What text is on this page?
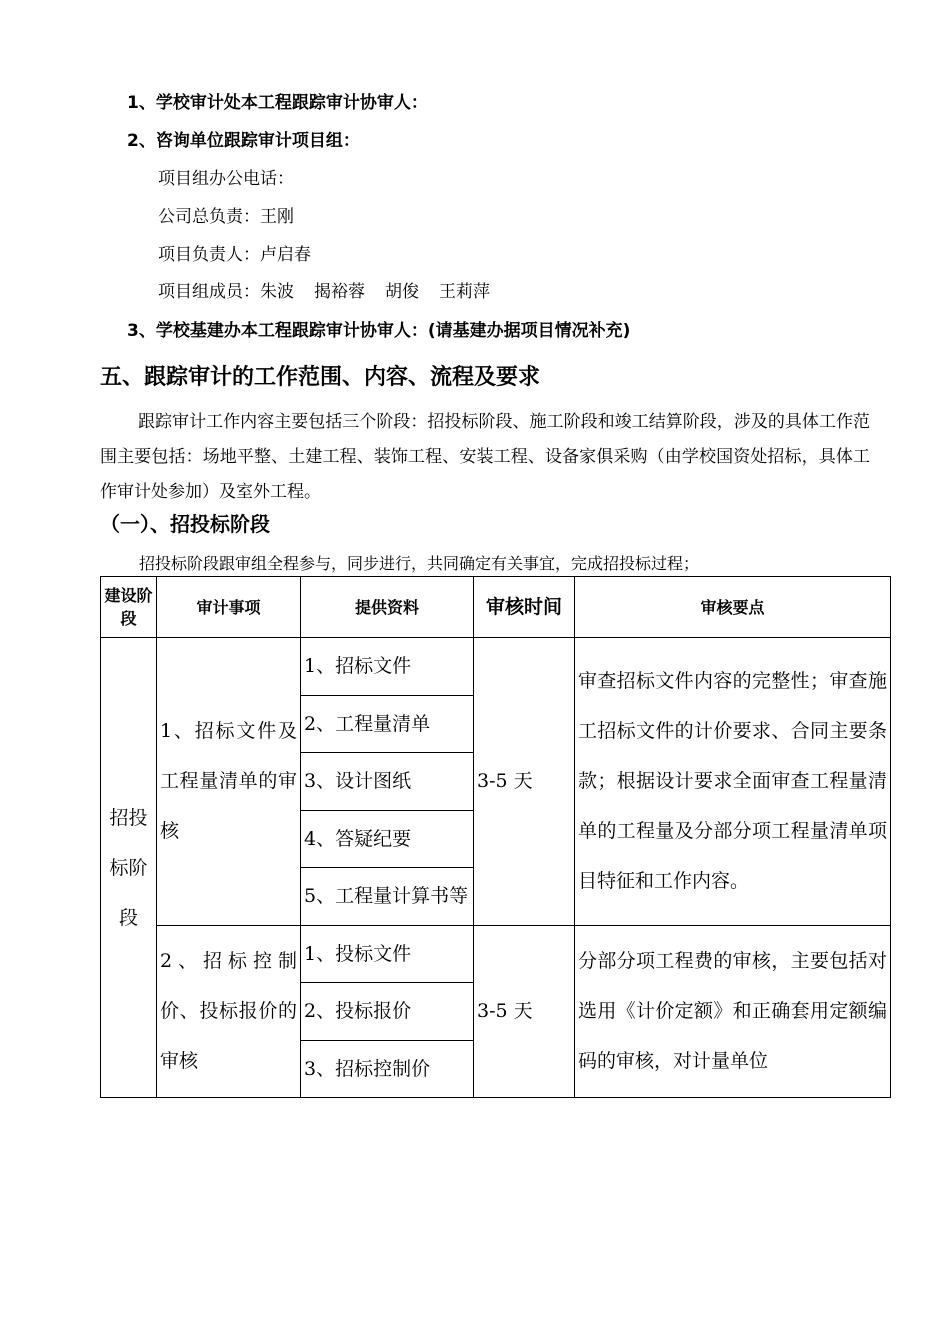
1、学校审计处本工程跟踪审计协审人：
2、咨询单位跟踪审计项目组：
项目组办公电话：
公司总负责：王刚
项目负责人：卢启春
项目组成员：朱波 揭裕蓉 胡俊 王莉萍
3、学校基建办本工程跟踪审计协审人：(请基建办据项目情况补充)
五、跟踪审计的工作范围、内容、流程及要求
跟踪审计工作内容主要包括三个阶段：招投标阶段、施工阶段和竣工结算阶段，涉及的具体工作范围主要包括：场地平整、土建工程、装饰工程、安装工程、设备家俱采购（由学校国资处招标，具体工作审计处参加）及室外工程。
（一）、招投标阶段
招投标阶段跟审组全程参与，同步进行，共同确定有关事宜，完成招投标过程；
建设阶段	审计事项	提供资料	审核时间	审核要点
招投标阶段	1、招标文件及工程量清单的审核	1、招标文件	3-5 天	审查招标文件内容的完整性；审查施工招标文件的计价要求、合同主要条款；根据设计要求全面审查工程量清单的工程量及分部分项工程量清单项目特征和工作内容。
		2、工程量清单		
		3、设计图纸		
		4、答疑纪要		
		5、工程量计算书等		
	2、招标控制价、投标报价的审核	1、投标文件	3-5 天	分部分项工程费的审核，主要包括对选用《计价定额》和正确套用定额编码的审核，对计量单位
		2、投标报价		
		3、招标控制价		
